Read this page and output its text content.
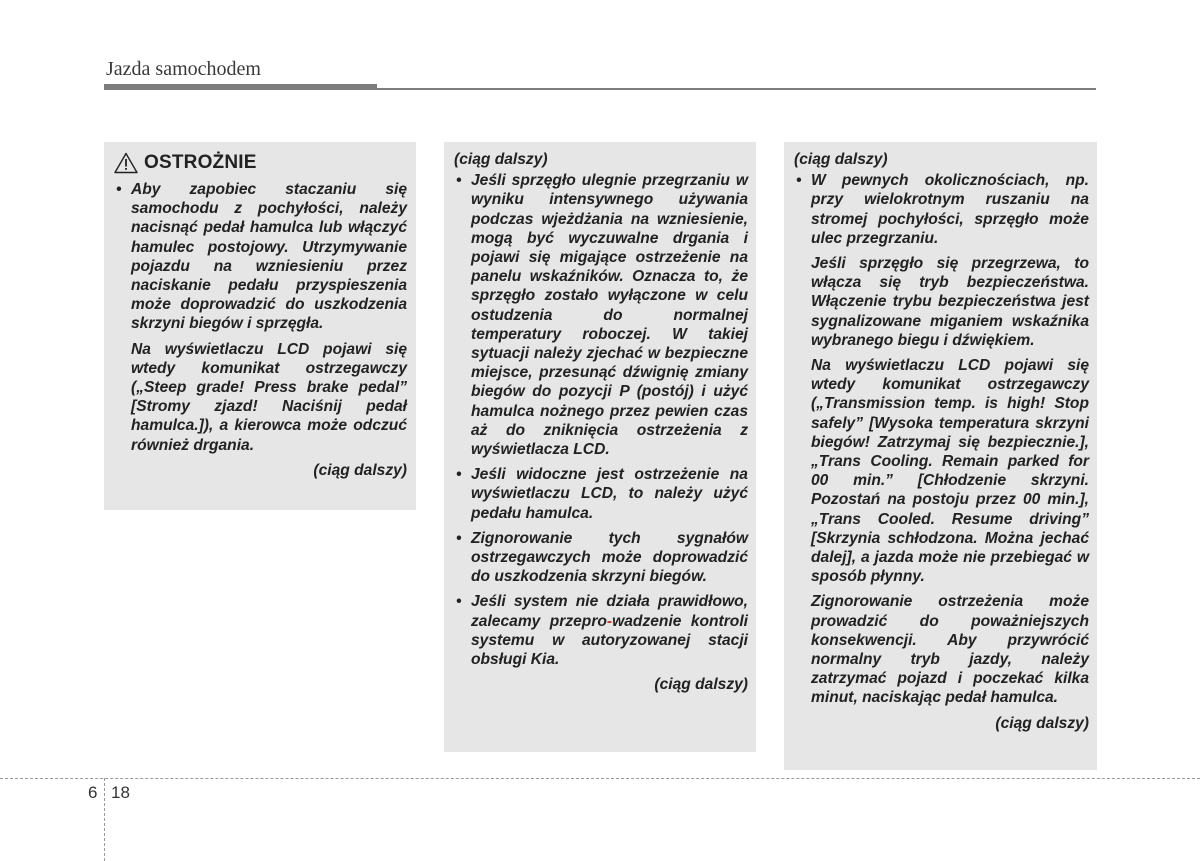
Jazda samochodem
OSTROŻNIE
• Aby zapobiec staczaniu się samochodu z pochyłości, należy nacisnąć pedał hamulca lub włączyć hamulec postojowy. Utrzymywanie pojazdu na wzniesieniu przez naciskanie pedału przyspieszenia może doprowadzić do uszkodzenia skrzyni biegów i sprzęgła.

Na wyświetlaczu LCD pojawi się wtedy komunikat ostrzegawczy („Steep grade! Press brake pedal” [Stromy zjazd! Naciśnij pedał hamulca.]), a kierowca może odczuć również drgania.

(ciąg dalszy)
(ciąg dalszy)
• Jeśli sprzęgło ulegnie przegrzaniu w wyniku intensywnego używania podczas wjeżdżania na wzniesienie, mogą być wyczuwalne drgania i pojawi się migające ostrzeżenie na panelu wskaźników. Oznacza to, że sprzęgło zostało wyłączone w celu ostudzenia do normalnej temperatury roboczej. W takiej sytuacji należy zjechać w bezpieczne miejsce, przesunąć dźwignię zmiany biegów do pozycji P (postój) i użyć hamulca nożnego przez pewien czas aż do zniknięcia ostrzeżenia z wyświetlacza LCD.
• Jeśli widoczne jest ostrzeżenie na wyświetlaczu LCD, to należy użyć pedału hamulca.
• Zignorowanie tych sygnałów ostrzegawczych może doprowadzić do uszkodzenia skrzyni biegów.
• Jeśli system nie działa prawidłowo, zalecamy przepro-wadzenie kontroli systemu w autoryzowanej stacji obsługi Kia.
(ciąg dalszy)
(ciąg dalszy)
• W pewnych okolicznościach, np. przy wielokrotnym ruszaniu na stromej pochyłości, sprzęgło może ulec przegrzaniu.

Jeśli sprzęgło się przegrzewa, to włącza się tryb bezpieczeństwa. Włączenie trybu bezpieczeństwa jest sygnalizowane miganiem wskaźnika wybranego biegu i dźwiękiem.

Na wyświetlaczu LCD pojawi się wtedy komunikat ostrzegawczy („Transmission temp. is high! Stop safely” [Wysoka temperatura skrzyni biegów! Zatrzymaj się bezpiecznie.], „Trans Cooling. Remain parked for 00 min.” [Chłodzenie skrzyni. Pozostań na postoju przez 00 min.], „Trans Cooled. Resume driving” [Skrzynia schłodzona. Można jechać dalej], a jazda może nie przebiegać w sposób płynny.

Zignorowanie ostrzeżenia może prowadzić do poważniejszych konsekwencji. Aby przywrócić normalny tryb jazdy, należy zatrzymać pojazd i poczekać kilka minut, naciskając pedał hamulca.

(ciąg dalszy)
6 18
